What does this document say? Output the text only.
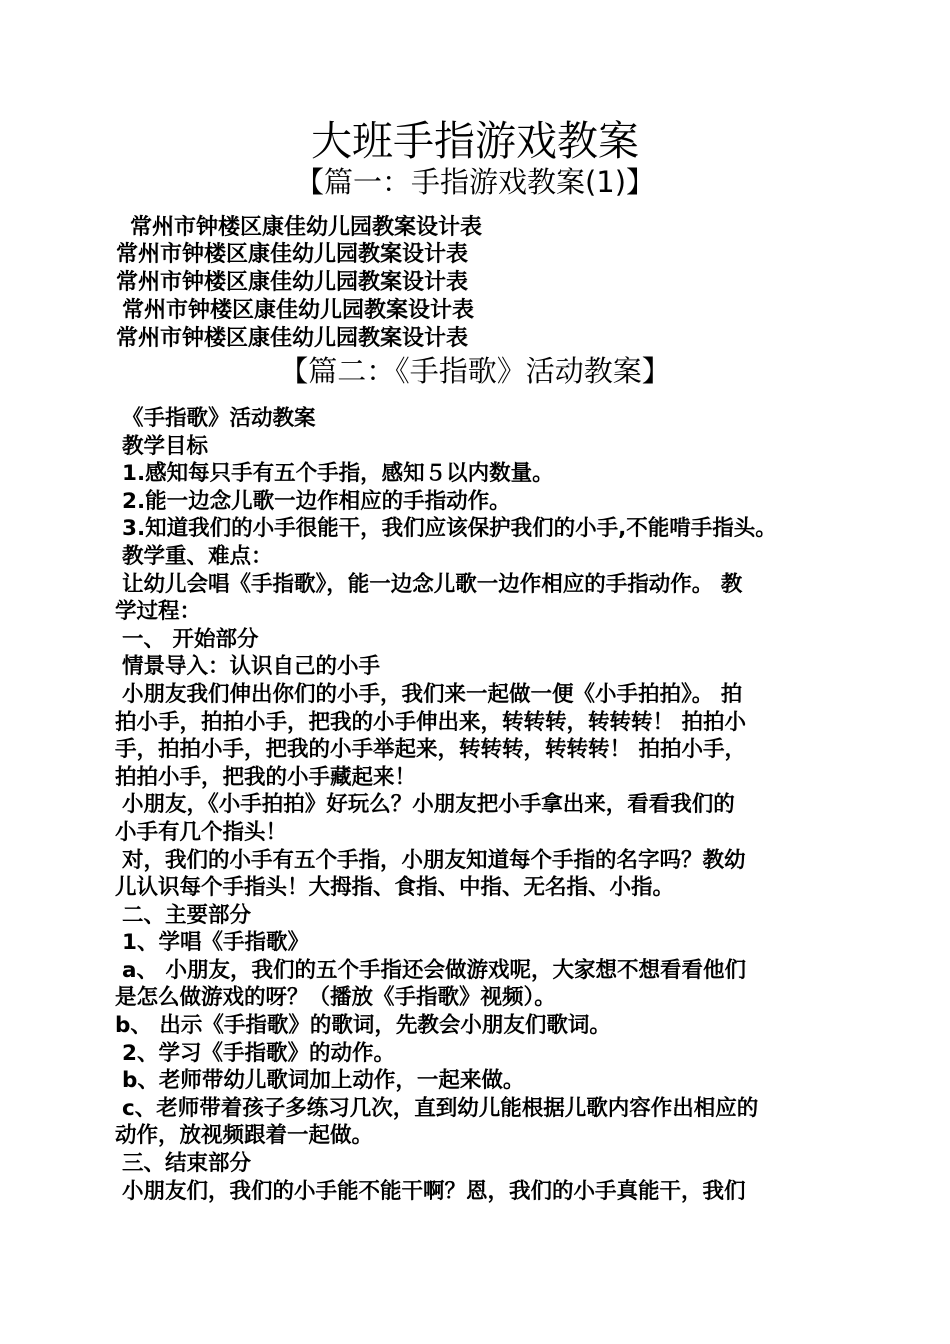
大班手指游戏教案
【篇一：手指游戏教案(1)】
常州市钟楼区康佳幼儿园教案设计表
常州市钟楼区康佳幼儿园教案设计表
常州市钟楼区康佳幼儿园教案设计表
常州市钟楼区康佳幼儿园教案设计表
常州市钟楼区康佳幼儿园教案设计表
【篇二：《手指歌》活动教案】
《手指歌》活动教案
教学目标
1.感知每只手有五个手指，感知５以内数量。
2.能一边念儿歌一边作相应的手指动作。
3.知道我们的小手很能干，我们应该保护我们的小手,不能啃手指头。
教学重、难点：
让幼儿会唱《手指歌》，能一边念儿歌一边作相应的手指动作。 教
学过程：
一、 开始部分
情景导入：认识自己的小手
小朋友我们伸出你们的小手，我们来一起做一便《小手拍拍》。 拍
拍小手，拍拍小手，把我的小手伸出来，转转转，转转转！ 拍拍小
手，拍拍小手，把我的小手举起来，转转转，转转转！ 拍拍小手，
拍拍小手，把我的小手藏起来！
小朋友，《小手拍拍》好玩么？小朋友把小手拿出来，看看我们的
小手有几个指头！
对，我们的小手有五个手指，小朋友知道每个手指的名字吗？教幼
儿认识每个手指头！大拇指、食指、中指、无名指、小指。
二、主要部分
1、学唱《手指歌》
a、 小朋友，我们的五个手指还会做游戏呢，大家想不想看看他们
是怎么做游戏的呀？（播放《手指歌》视频）。
b、 出示《手指歌》的歌词，先教会小朋友们歌词。
2、学习《手指歌》的动作。
b、老师带幼儿歌词加上动作，一起来做。
c、老师带着孩子多练习几次，直到幼儿能根据儿歌内容作出相应的
动作，放视频跟着一起做。
三、结束部分
小朋友们，我们的小手能不能干啊？恩，我们的小手真能干，我们
